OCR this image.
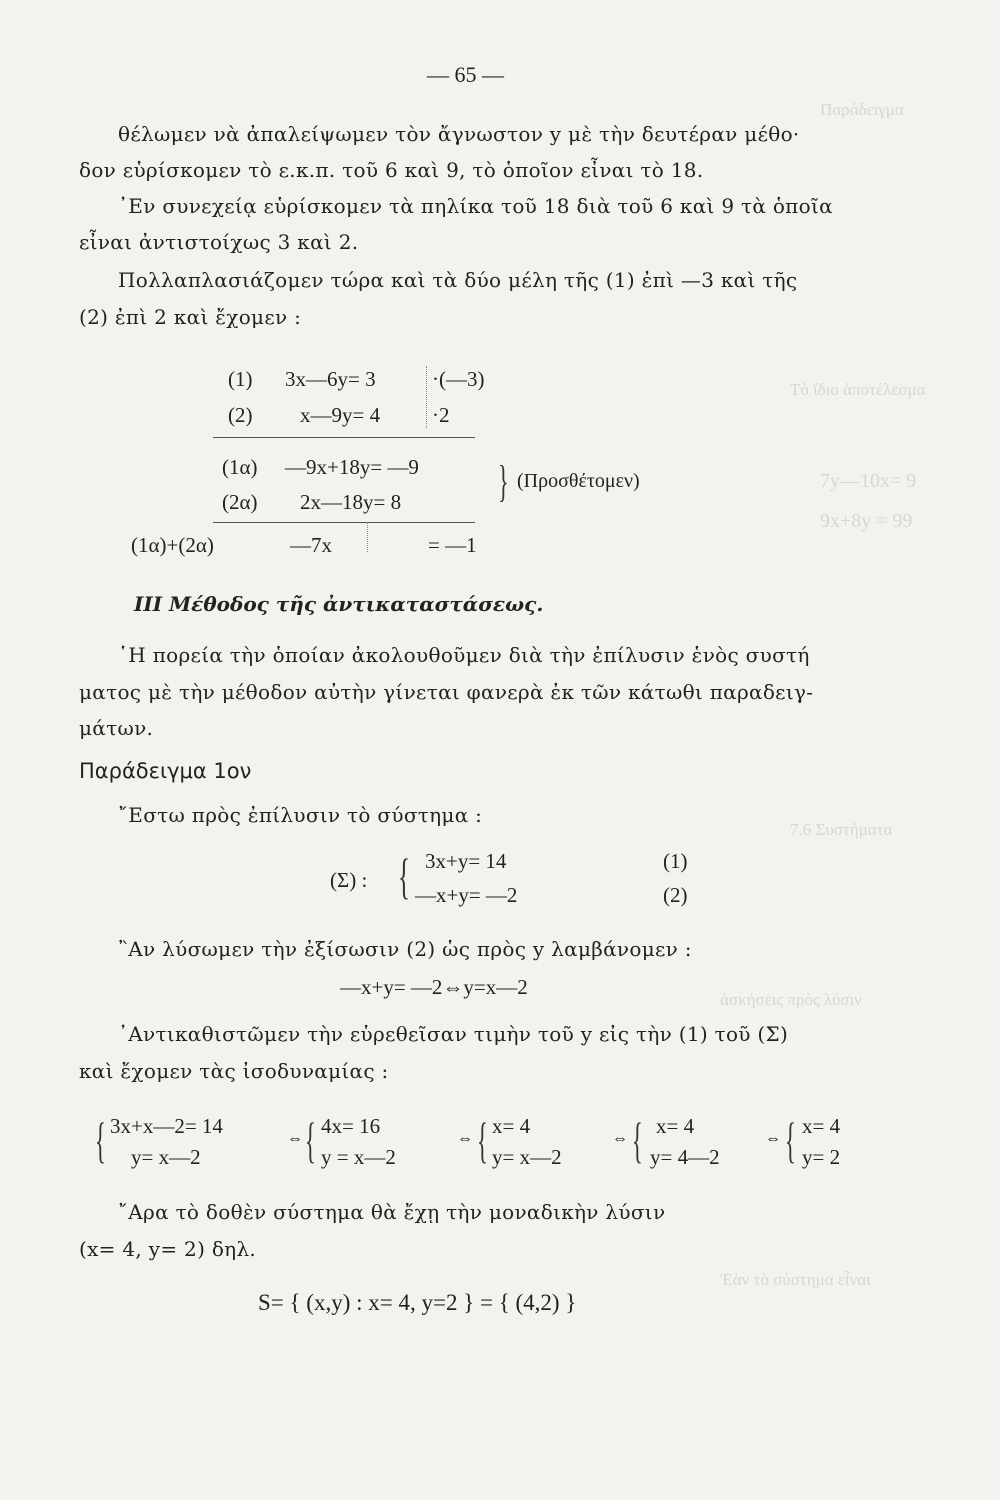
Παράδειγμα
Τὸ ἴδιο ἀποτέλεσμα
7y—10x= 9
9x+8y = 99
7.6 Συστήματα
ἀσκήσεις πρὸς λύσιν
Ἐὰν τὸ σύστημα εἶναι
— 65 —
θέλωμεν νὰ ἀπαλείψωμεν τὸν ἄγνωστον y μὲ τὴν δευτέραν μέθο·
δον εὑρίσκομεν τὸ ε.κ.π. τοῦ 6 καὶ 9, τὸ ὁποῖον εἶναι τὸ 18.
᾿Εν συνεχείᾳ εὑρίσκομεν τὰ πηλίκα τοῦ 18 διὰ τοῦ 6 καὶ 9 τὰ ὁποῖα
εἶναι ἀντιστοίχως 3 καὶ 2.
Πολλαπλασιάζομεν τώρα καὶ τὰ δύο μέλη τῆς (1) ἐπὶ —3 καὶ τῆς
(2) ἐπὶ 2 καὶ ἔχομεν :
(1) 3x—6y= 3	·(—3)
(2) x—9y= 4 ·2
(1α) —9x+18y= —9
(2α) 2x—18y= 8 } (Προσθέτομεν)
(1α)+(2α)	—7x	= —1
III Μέθοδος τῆς ἀντικαταστάσεως.
῾Η πορεία τὴν ὁποίαν ἀκολουθοῦμεν διὰ τὴν ἐπίλυσιν ἑνὸς συστή
ματος μὲ τὴν μέθοδον αὐτὴν γίνεται φανερὰ ἐκ τῶν κάτωθι παραδειγ-
μάτων.
Παράδειγμα 1ον
῎Εστω πρὸς ἐπίλυσιν τὸ σύστημα :
(Σ) : { 3x+y= 14	(1)
—x+y= —2	(2)
῍Αν λύσωμεν τὴν ἐξίσωσιν (2) ὡς πρὸς y λαμβάνομεν :
—x+y= —2⇔y=x—2
᾿Αντικαθιστῶμεν τὴν εὑρεθεῖσαν τιμὴν τοῦ y εἰς τὴν (1) τοῦ (Σ)
καὶ ἔχομεν τὰς ἰσοδυναμίας :
{ 3x+x—2= 14
y= x—2
⇔ { 4x= 16
y = x—2
⇔ { x= 4
y= x—2
⇔ { x= 4
y= 4—2
⇔ { x= 4
y= 2
῎Αρα τὸ δοθὲν σύστημα θὰ ἔχῃ τὴν μοναδικὴν λύσιν
(x= 4, y= 2) δηλ.
S= { (x,y) : x= 4, y=2 } = { (4,2) }
